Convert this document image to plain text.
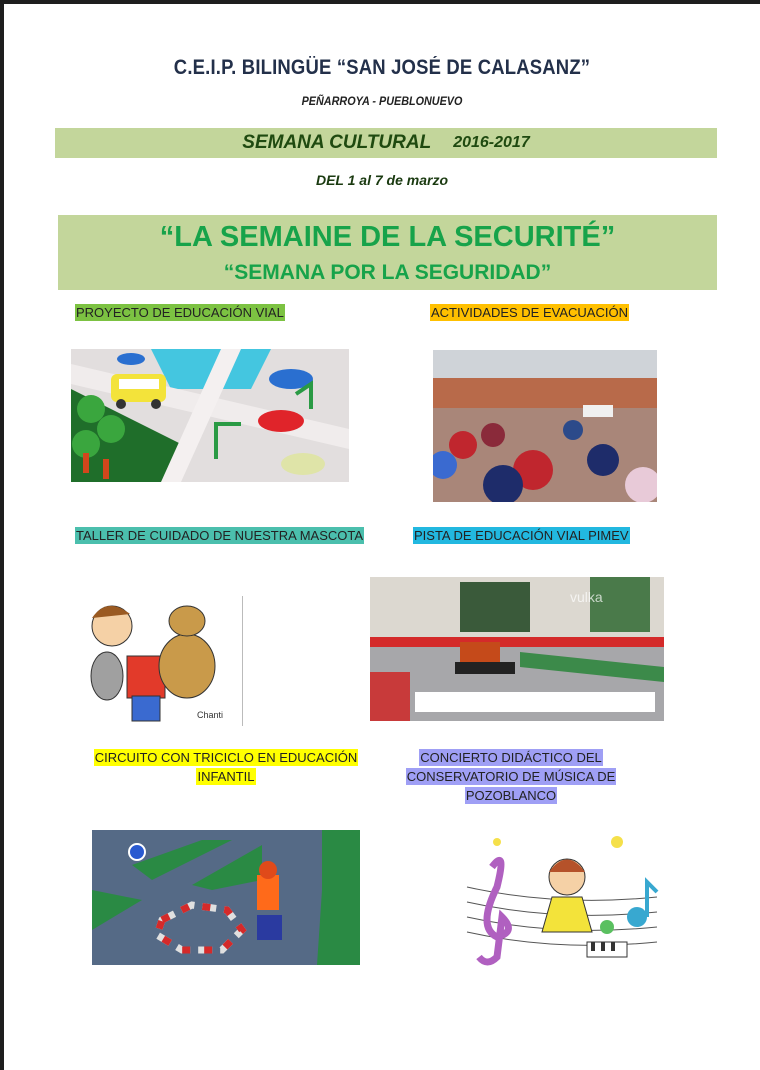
C.E.I.P. BILINGÜE “SAN JOSÉ DE CALASANZ”
PEÑARROYA - PUEBLONUEVO
SEMANA CULTURAL 2016-2017
DEL 1 al 7 de marzo
“LA SEMAINE DE LA SECURITÉ”
“SEMANA POR LA SEGURIDAD”
PROYECTO DE EDUCACIÓN VIAL	ACTIVIDADES DE EVACUACIÓN
TALLER DE CUIDADO DE NUESTRA MASCOTA	PISTA DE EDUCACIÓN VIAL PIMEV
Chanti
vulka
CIRCUITO CON TRICICLO EN EDUCACIÓN
INFANTIL
CONCIERTO DIDÁCTICO DEL
CONSERVATORIO DE MÚSICA DE
POZOBLANCO
